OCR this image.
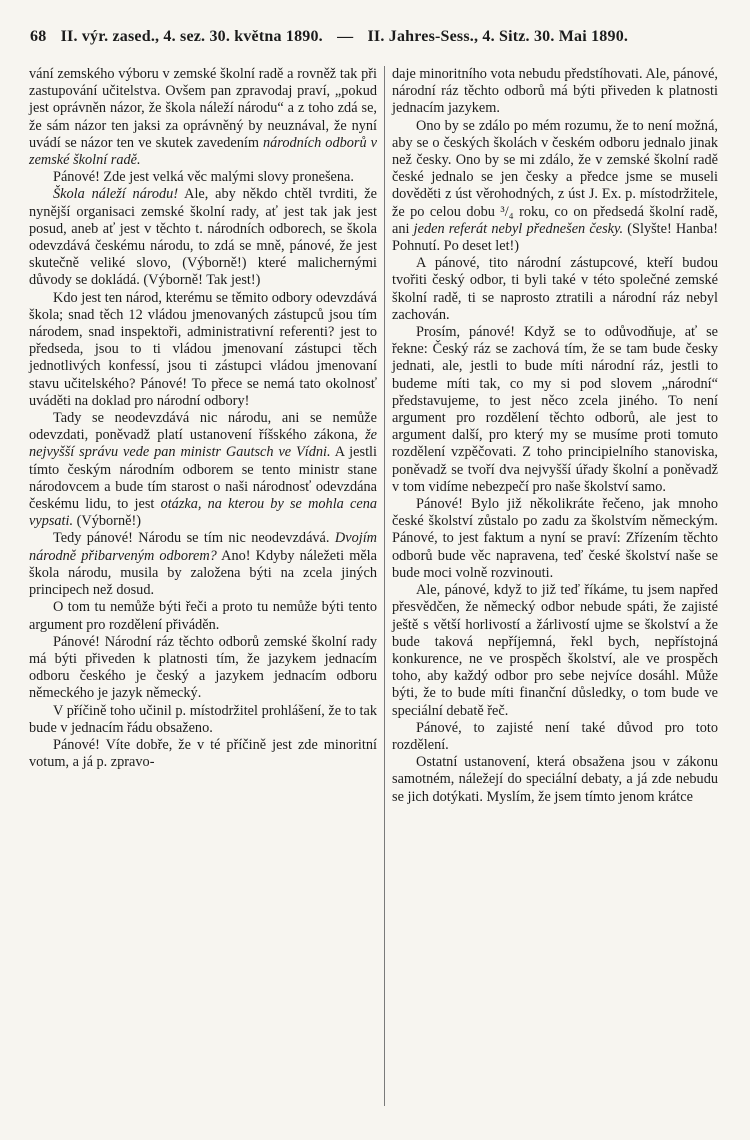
68 II. výr. zased., 4. sez. 30. května 1890. — II. Jahres-Sess., 4. Sitz. 30. Mai 1890.

vání zemského výboru v zemské školní radě a rovněž tak při zastupování učitelstva. Ovšem pan zpravodaj praví, „pokud jest oprávněn názor, že škola náleží národu“ a z toho zdá se, že sám názor ten jaksi za oprávněný by neuznával, že nyní uvádí se názor ten ve skutek zavedením národních odborů v zemské školní radě.

Pánové! Zde jest velká věc malými slovy pronešena.

Škola náleží národu! Ale, aby někdo chtěl tvrditi, že nynější organisaci zemské školní rady, ať jest tak jak jest posud, aneb ať jest v těchto t. národních odborech, se škola odevzdává českému národu, to zdá se mně, pánové, že jest skutečně veliké slovo, (Výborně!) které malichernými důvody se dokládá. (Výborně! Tak jest!)

Kdo jest ten národ, kterému se těmito odbory odevzdává škola; snad těch 12 vládou jmenovaných zástupců jsou tím národem, snad inspektoři, administrativní referenti? jest to předseda, jsou to ti vládou jmenovaní zástupci těch jednotlivých konfessí, jsou ti zástupci vládou jmenovaní stavu učitelského? Pánové! To přece se nemá tato okolnosť uváděti na doklad pro národní odbory!

Tady se neodevzdává nic národu, ani se nemůže odevzdati, poněvadž platí ustаnovení říšského zákona, že nejvyšší správu vede pan ministr Gautsch ve Vídni. A jestli tímto českým národním odborem se tento ministr stane národovcem a bude tím starost o naši národnosť odevzdána českému lidu, to jest otázka, na kterou by se mohla cena vypsati. (Výborně!)

Tedy pánové! Národu se tím nic neodevzdává. Dvojím národně přibarveným odborem? Ano! Kdyby náležeti měla škola národu, musila by založena býti na zcela jiných principech než dosud.

O tom tu nemůže býti řeči a proto tu nemůže býti tento argument pro rozdělení přiváděn.

Pánové! Národní ráz těchto odborů zemské školní rady má býti přiveden k platnosti tím, že jazykem jednacím odboru českého je český a jazykem jednacím odboru německého je jazyk německý.

V příčině toho učinil p. místodržitel prohlášení, že to tak bude v jednacím řádu obsaženo.

Pánové! Víte dobře, že v té příčině jest zde minoritní votum, a já p. zpravo-

daje minoritního vota nebudu předstíhovati. Ale, pánové, národní ráz těchto odborů má býti přiveden k platnosti jednacím jazykem.

Ono by se zdálo po mém rozumu, že to není možná, aby se o českých školách v českém odboru jednalo jinak než česky. Ono by se mi zdálo, že v zemské školní radě české jednalo se jen česky a předce jsme se museli dověděti z úst věrohodných, z úst J. Ex. p. místodržitele, že po celou dobu ³/₄ roku, co on předsedá školní radě, ani jeden referát nebyl přednešen česky. (Slyšte! Hanba! Pohnutí. Po deset let!)

A pánové, tito národní zástupcové, kteří budou tvořiti český odbor, ti byli také v této společné zemské školní radě, ti se naprosto ztratili a národní ráz nebyl zachován.

Prosím, pánové! Když se to odůvodňuje, ať se řekne: Český ráz se zachová tím, že se tam bude česky jednati, ale, jestli to bude míti národní ráz, jestli to budeme míti tak, co my si pod slovem „národní“ představujeme, to jest něco zcela jiného. To není argument pro rozdělení těchto odborů, ale jest to argument další, pro který my se musíme proti tomuto rozdělení vzpěčovati. Z toho principielního stanoviska, poněvadž se tvoří dva nejvyšší úřady školní a poněvadž v tom vidíme nebezpečí pro naše školství samo.

Pánové! Bylo již několikráte řečeno, jak mnoho české školství zůstalo po zadu za školstvím německým. Pánové, to jest faktum a nyní se praví: Zřízením těchto odborů bude věc napravena, teď české školství naše se bude moci volně rozvinouti.

Ale, pánové, když to již teď říkáme, tu jsem napřed přesvědčen, že německý odbor nebude spáti, že zajisté ještě s větší horlivostí a žárlivostí ujme se školství a že bude taková nepříjemná, řekl bych, nepřístojná konkurence, ne ve prospěch školství, ale ve prospěch toho, aby každý odbor pro sebe nejvíce dosáhl. Může býti, že to bude míti finanční důsledky, o tom bude ve speciální debatě řeč.

Pánové, to zajisté není také důvod pro toto rozdělení.

Ostatní ustanovení, která obsažena jsou v zákonu samotném, náležejí do speciální debaty, a já zde nebudu se jich dotýkati. Myslím, že jsem tímto jenom krátce
